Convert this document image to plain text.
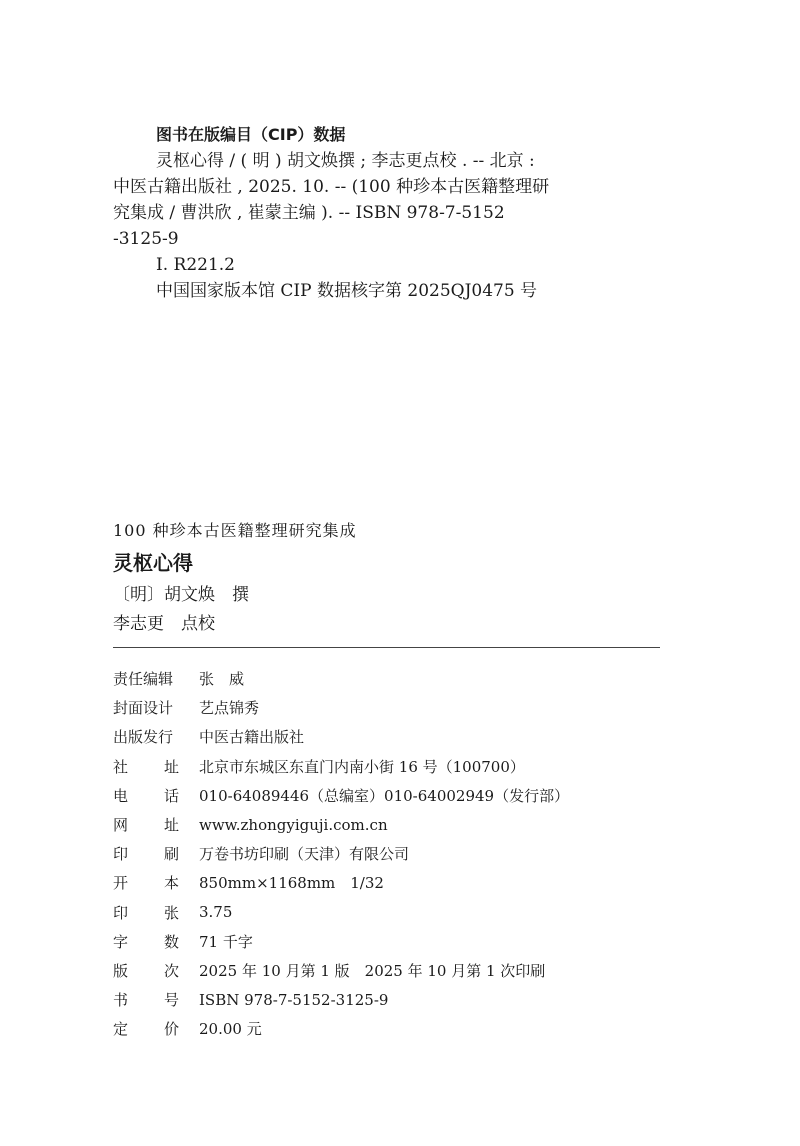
图书在版编目（CIP）数据
灵枢心得 / ( 明 ) 胡文焕撰 ; 李志更点校 . -- 北京 :
中医古籍出版社 , 2025. 10. -- (100 种珍本古医籍整理研
究集成 / 曹洪欣 , 崔蒙主编 ). -- ISBN 978-7-5152
-3125-9
Ⅰ. R221.2
中国国家版本馆 CIP 数据核字第 2025QJ0475 号
100 种珍本古医籍整理研究集成
灵枢心得
〔明〕胡文焕　撰
李志更　点校
责任编辑	张　威
封面设计	艺点锦秀
出版发行	中医古籍出版社
社 址 北京市东城区东直门内南小街 16 号（100700）
电 话 010-64089446（总编室）010-64002949（发行部）
网 址 www.zhongyiguji.com.cn
印 刷 万卷书坊印刷（天津）有限公司
开 本 850mm×1168mm　1/32
印 张 3.75
字 数 71 千字
版 次 2025 年 10 月第 1 版　2025 年 10 月第 1 次印刷
书 号 ISBN 978-7-5152-3125-9
定 价 20.00 元
